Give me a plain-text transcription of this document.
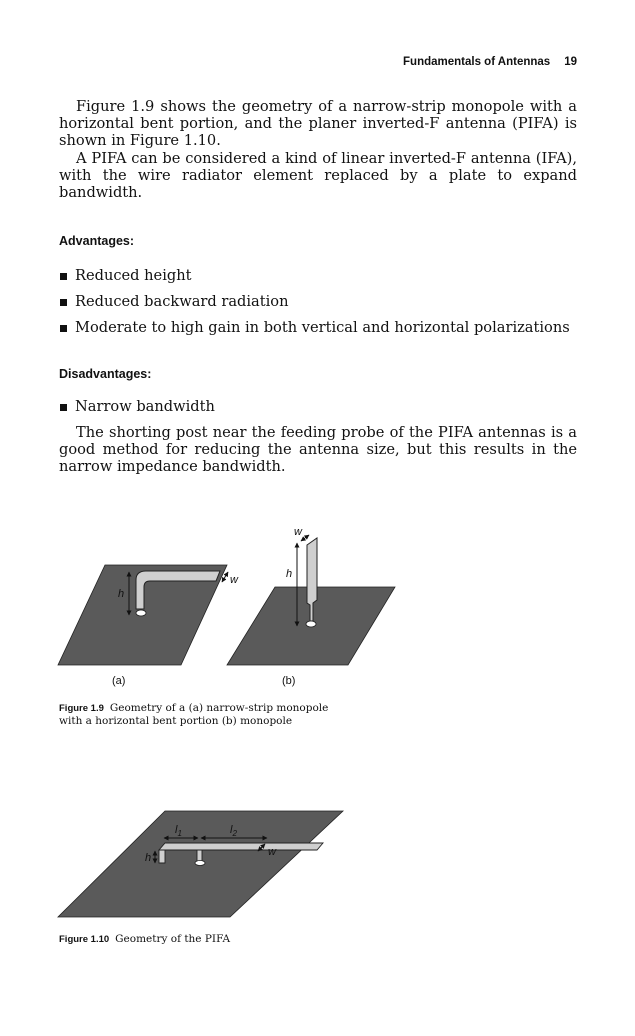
Fundamentals of Antennas 19

Figure 1.9 shows the geometry of a narrow-strip monopole with a horizontal bent portion, and the planer inverted-F antenna (PIFA) is shown in Figure 1.10.

A PIFA can be considered a kind of linear inverted-F antenna (IFA), with the wire radiator element replaced by a plate to expand bandwidth.

Advantages:
Reduced height
Reduced backward radiation
Moderate to high gain in both vertical and horizontal polarizations
Disadvantages:
Narrow bandwidth

The shorting post near the feeding probe of the PIFA antennas is a good method for reducing the antenna size, but this results in the narrow impedance bandwidth.

h
w	h
w
(a)	(b)
Figure 1.9 Geometry of a (a) narrow-strip monopole
with a horizontal bent portion (b) monopole
$l_1$	$l_2$
h	w
Figure 1.10 Geometry of the PIFA
